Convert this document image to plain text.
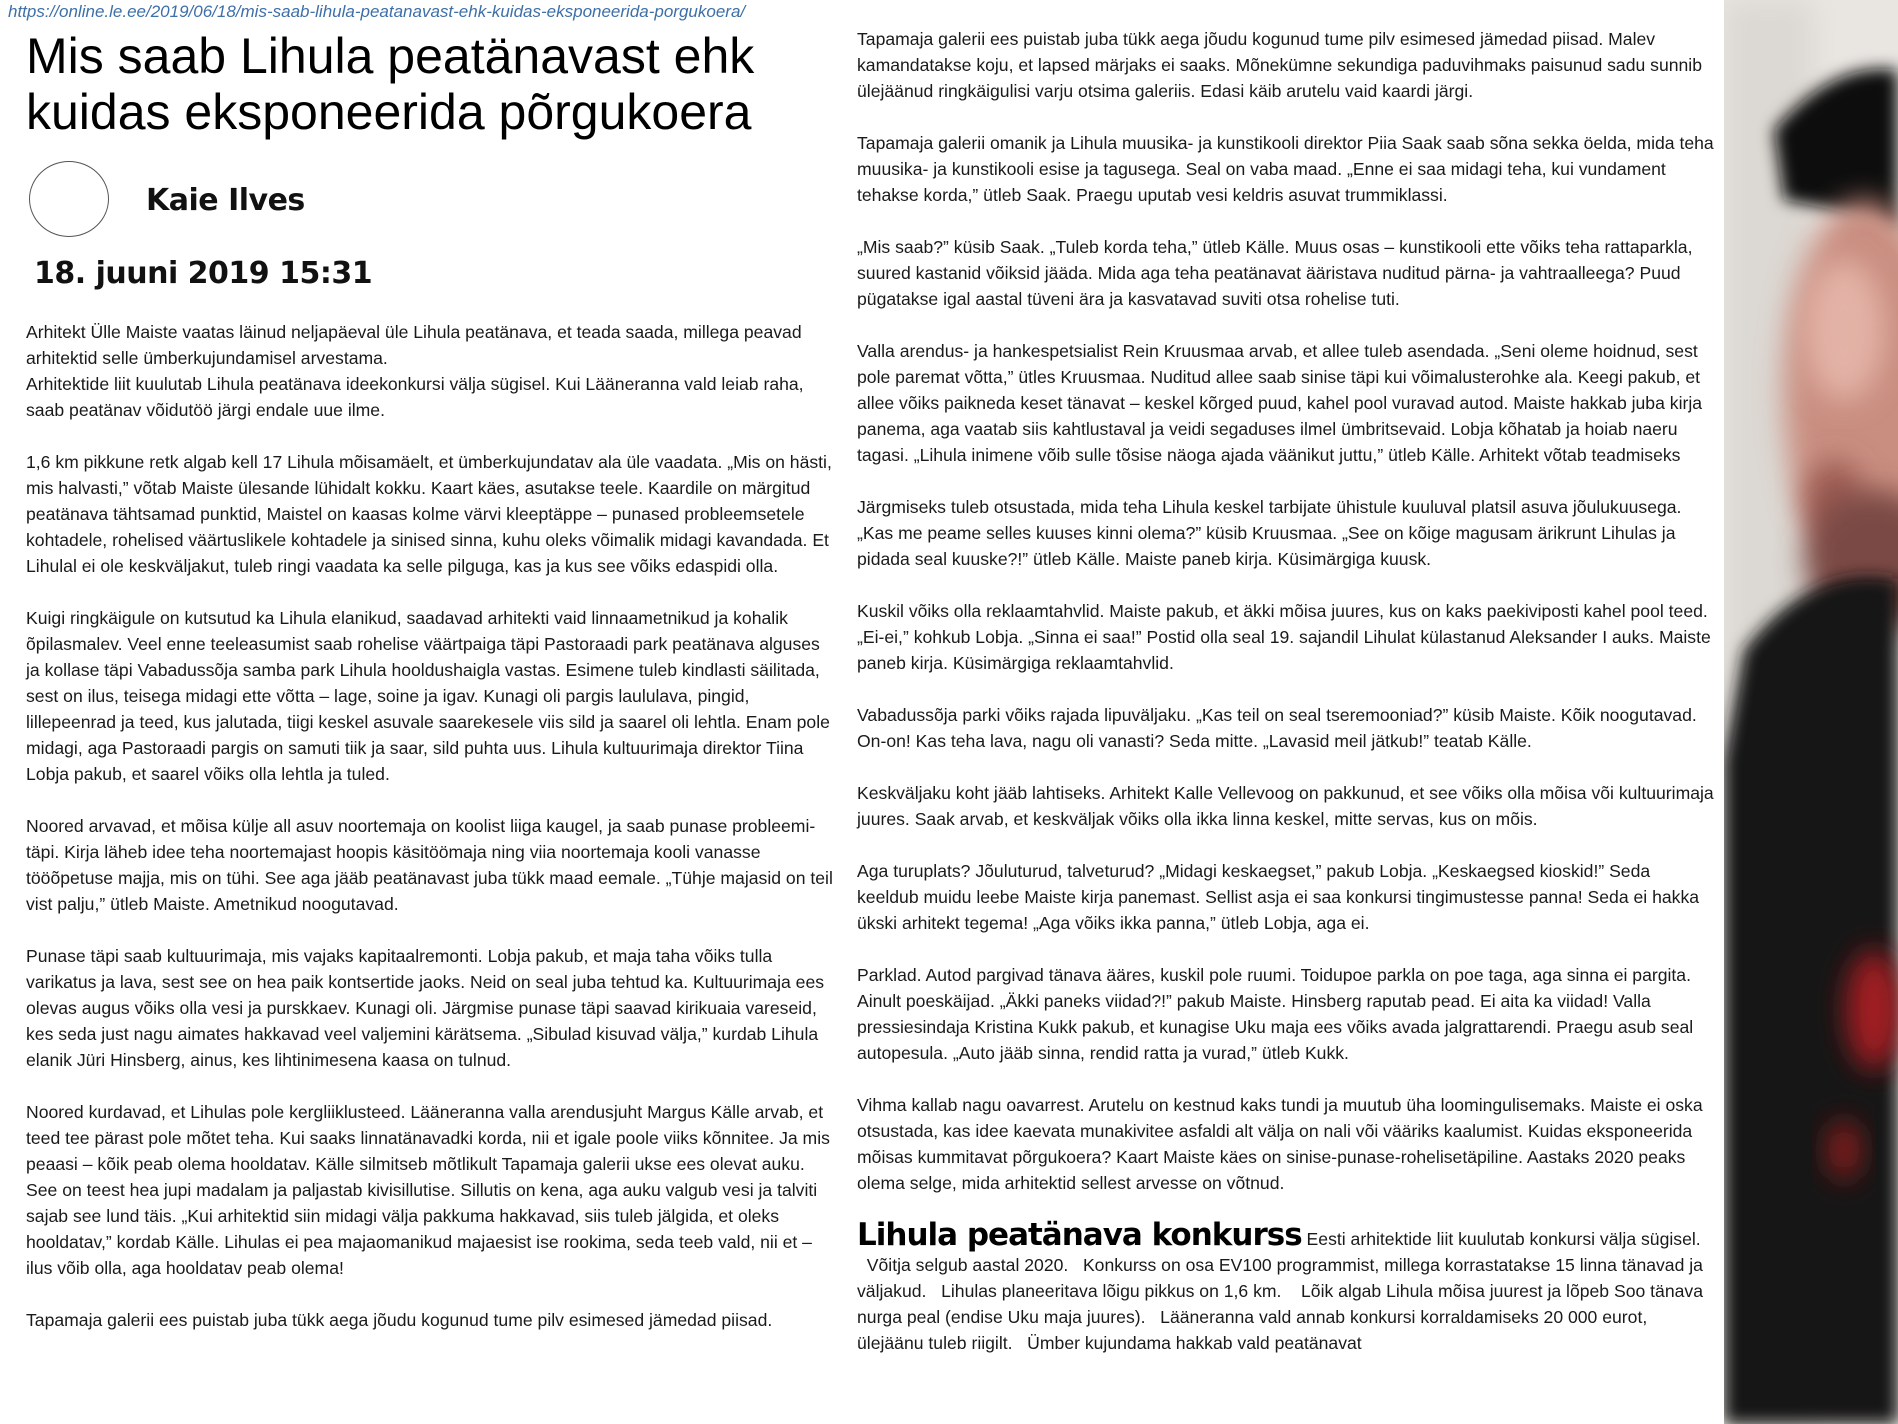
https://online.le.ee/2019/06/18/mis-saab-lihula-peatanavast-ehk-kuidas-eksponeerida-porgukoera/
Mis saab Lihula peatänavast ehk kuidas eksponeerida põrgukoera
Kaie Ilves
18. juuni 2019 15:31

Arhitekt Ülle Maiste vaatas läinud neljapäeval üle Lihula peatänava, et teada saada, millega peavad arhitektid selle ümberkujundamisel arvestama.

Arhitektide liit kuulutab Lihula peatänava ideekonkursi välja sügisel. Kui Lääneranna vald leiab raha, saab peatänav võidutöö järgi endale uue ilme.

1,6 km pikkune retk algab kell 17 Lihula mõisamäelt, et ümberkujundatav ala üle vaadata. „Mis on hästi, mis halvasti,” võtab Maiste ülesande lühidalt kokku. Kaart käes, asutakse teele. Kaardile on märgitud peatänava tähtsamad punktid, Maistel on kaasas kolme värvi kleeptäppe – punased probleemsetele kohtadele, rohelised väärtuslikele kohtadele ja sinised sinna, kuhu oleks võimalik midagi kavandada. Et Lihulal ei ole keskväljakut, tuleb ringi vaadata ka selle pilguga, kas ja kus see võiks edaspidi olla.

Kuigi ringkäigule on kutsutud ka Lihula elanikud, saadavad arhitekti vaid linnaametnikud ja kohalik õpilasmalev. Veel enne teeleasumist saab rohelise väärtpaiga täpi Pastoraadi park peatänava alguses ja kollase täpi Vabadussõja samba park Lihula hooldushaigla vastas. Esimene tuleb kindlasti säilitada, sest on ilus, teisega midagi ette võtta – lage, soine ja igav. Kunagi oli pargis laululava, pingid, lillepeenrad ja teed, kus jalutada, tiigi keskel asuvale saarekesele viis sild ja saarel oli lehtla. Enam pole midagi, aga Pastoraadi pargis on samuti tiik ja saar, sild puhta uus. Lihula kultuurimaja direktor Tiina Lobja pakub, et saarel võiks olla lehtla ja tuled.

Noored arvavad, et mõisa külje all asuv noortemaja on koolist liiga kaugel, ja saab punase probleemi-täpi. Kirja läheb idee teha noortemajast hoopis käsitöömaja ning viia noortemaja kooli vanasse tööõpetuse majja, mis on tühi. See aga jääb peatänavast juba tükk maad eemale. „Tühje majasid on teil vist palju,” ütleb Maiste. Ametnikud noogutavad.

Punase täpi saab kultuurimaja, mis vajaks kapitaalremonti. Lobja pakub, et maja taha võiks tulla varikatus ja lava, sest see on hea paik kontsertide jaoks. Neid on seal juba tehtud ka. Kultuurimaja ees olevas augus võiks olla vesi ja purskkaev. Kunagi oli. Järgmise punase täpi saavad kirikuaia vareseid, kes seda just nagu aimates hakkavad veel valjemini kärätsema. „Sibulad kisuvad välja,” kurdab Lihula elanik Jüri Hinsberg, ainus, kes lihtinimesena kaasa on tulnud.

Noored kurdavad, et Lihulas pole kergliiklusteed. Lääneranna valla arendusjuht Margus Källe arvab, et teed tee pärast pole mõtet teha. Kui saaks linnatänavadki korda, nii et igale poole viiks kõnnitee. Ja mis peaasi – kõik peab olema hooldatav. Källe silmitseb mõtlikult Tapamaja galerii ukse ees olevat auku. See on teest hea jupi madalam ja paljastab kivisillutise. Sillutis on kena, aga auku valgub vesi ja talviti sajab see lund täis. „Kui arhitektid siin midagi välja pakkuma hakkavad, siis tuleb jälgida, et oleks hooldatav,” kordab Källe. Lihulas ei pea majaomanikud majaesist ise rookima, seda teeb vald, nii et – ilus võib olla, aga hooldatav peab olema!

Tapamaja galerii ees puistab juba tükk aega jõudu kogunud tume pilv esimesed jämedad piisad.

Tapamaja galerii ees puistab juba tükk aega jõudu kogunud tume pilv esimesed jämedad piisad. Malev kamandatakse koju, et lapsed märjaks ei saaks. Mõnekümne sekundiga paduvihmaks paisunud sadu sunnib ülejäänud ringkäigulisi varju otsima galeriis. Edasi käib arutelu vaid kaardi järgi.

Tapamaja galerii omanik ja Lihula muusika- ja kunstikooli direktor Piia Saak saab sõna sekka öelda, mida teha muusika- ja kunstikooli esise ja tagusega. Seal on vaba maad. „Enne ei saa midagi teha, kui vundament tehakse korda,” ütleb Saak. Praegu uputab vesi keldris asuvat trummiklassi.

„Mis saab?” küsib Saak. „Tuleb korda teha,” ütleb Källe. Muus osas – kunstikooli ette võiks teha rattaparkla, suured kastanid võiksid jääda. Mida aga teha peatänavat ääristava nuditud pärna- ja vahtraalleega? Puud pügatakse igal aastal tüveni ära ja kasvatavad suviti otsa rohelise tuti.

Valla arendus- ja hankespetsialist Rein Kruusmaa arvab, et allee tuleb asendada. „Seni oleme hoidnud, sest pole paremat võtta,” ütles Kruusmaa. Nuditud allee saab sinise täpi kui võimalusterohke ala. Keegi pakub, et allee võiks paikneda keset tänavat – keskel kõrged puud, kahel pool vuravad autod. Maiste hakkab juba kirja panema, aga vaatab siis kahtlustaval ja veidi segaduses ilmel ümbritsevaid. Lobja kõhatab ja hoiab naeru tagasi. „Lihula inimene võib sulle tõsise näoga ajada väänikut juttu,” ütleb Källe. Arhitekt võtab teadmiseks

Järgmiseks tuleb otsustada, mida teha Lihula keskel tarbijate ühistule kuuluval platsil asuva jõulukuusega. „Kas me peame selles kuuses kinni olema?” küsib Kruusmaa. „See on kõige magusam ärikrunt Lihulas ja pidada seal kuuske?!” ütleb Källe. Maiste paneb kirja. Küsimärgiga kuusk.

Kuskil võiks olla reklaamtahvlid. Maiste pakub, et äkki mõisa juures, kus on kaks paekiviposti kahel pool teed. „Ei-ei,” kohkub Lobja. „Sinna ei saa!” Postid olla seal 19. sajandil Lihulat külastanud Aleksander I auks. Maiste paneb kirja. Küsimärgiga reklaamtahvlid.

Vabadussõja parki võiks rajada lipuväljaku. „Kas teil on seal tseremooniad?” küsib Maiste. Kõik noogutavad. On-on! Kas teha lava, nagu oli vanasti? Seda mitte. „Lavasid meil jätkub!” teatab Källe.

Keskväljaku koht jääb lahtiseks. Arhitekt Kalle Vellevoog on pakkunud, et see võiks olla mõisa või kultuurimaja juures. Saak arvab, et keskväljak võiks olla ikka linna keskel, mitte servas, kus on mõis.

Aga turuplats? Jõuluturud, talveturud? „Midagi keskaegset,” pakub Lobja. „Keskaegsed kioskid!” Seda keeldub muidu leebe Maiste kirja panemast. Sellist asja ei saa konkursi tingimustesse panna! Seda ei hakka ükski arhitekt tegema! „Aga võiks ikka panna,” ütleb Lobja, aga ei.

Parklad. Autod pargivad tänava ääres, kuskil pole ruumi. Toidupoe parkla on poe taga, aga sinna ei pargita. Ainult poeskäijad. „Äkki paneks viidad?!” pakub Maiste. Hinsberg raputab pead. Ei aita ka viidad! Valla pressiesindaja Kristina Kukk pakub, et kunagise Uku maja ees võiks avada jalgrattarendi. Praegu asub seal autopesula. „Auto jääb sinna, rendid ratta ja vurad,” ütleb Kukk.

Vihma kallab nagu oavarrest. Arutelu on kestnud kaks tundi ja muutub üha loomingulisemaks. Maiste ei oska otsustada, kas idee kaevata munakivitee asfaldi alt välja on nali või vääriks kaalumist. Kuidas eksponeerida mõisas kummitavat põrgukoera? Kaart Maiste käes on sinise-punase-rohelisetäpiline. Aastaks 2020 peaks olema selge, mida arhitektid sellest arvesse on võtnud.

Lihula peatänava konkurss Eesti arhitektide liit kuulutab konkursi välja sügisel.
Võitja selgub aastal 2020.   Konkurss on osa EV100 programmist, millega korrastatakse 15 linna tänavad ja väljakud.   Lihulas planeeritava lõigu pikkus on 1,6 km.    Lõik algab Lihula mõisa juurest ja lõpeb Soo tänava nurga peal (endise Uku maja juures).   Lääneranna vald annab konkursi korraldamiseks 20 000 eurot, ülejäänu tuleb riigilt.   Ümber kujundama hakkab vald peatänavat
